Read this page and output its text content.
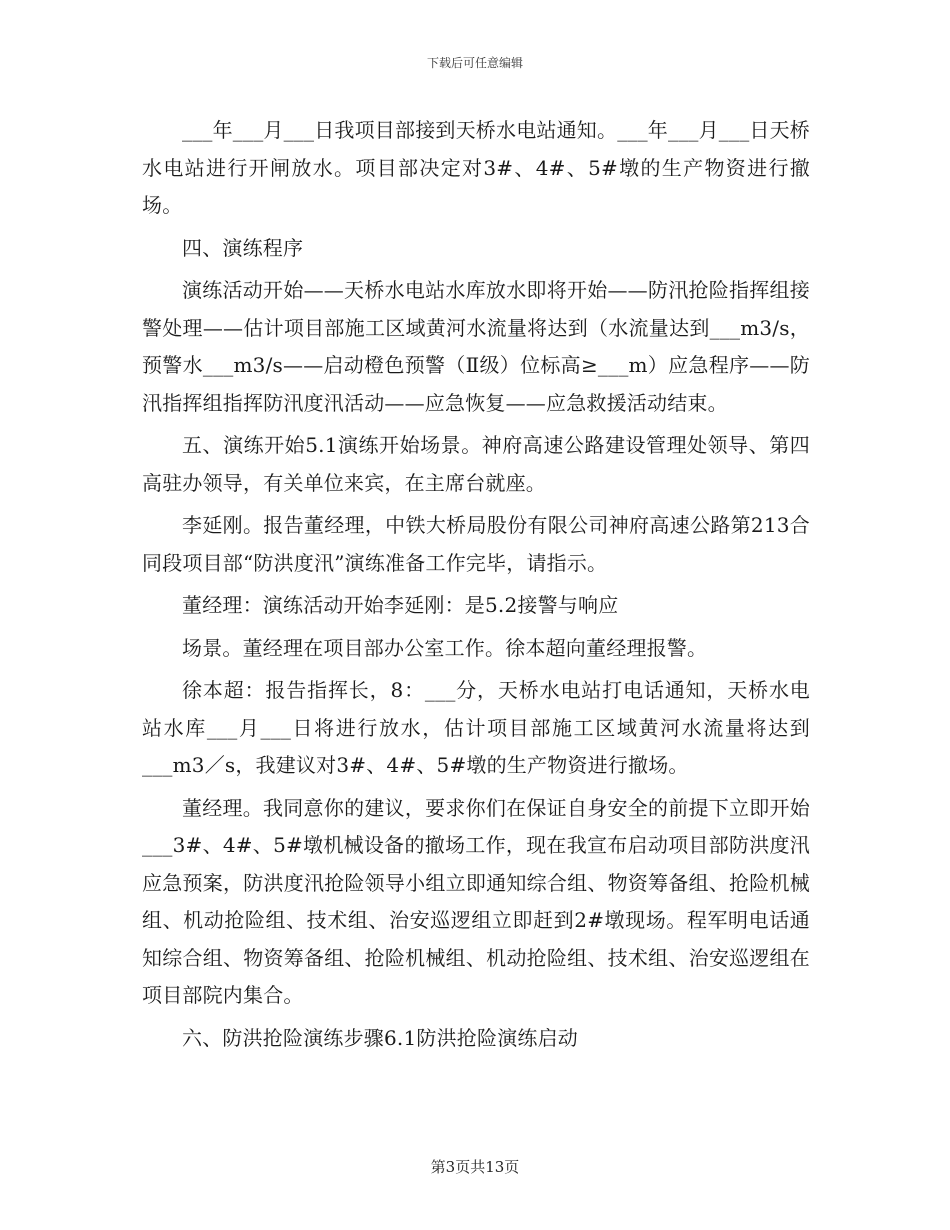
下载后可任意编辑

___年___月___日我项目部接到天桥水电站通知。___年___月___日天桥水电站进行开闸放水。项目部决定对3#、4#、5#墩的生产物资进行撤场。

四、演练程序

演练活动开始——天桥水电站水库放水即将开始——防汛抢险指挥组接警处理——估计项目部施工区域黄河水流量将达到（水流量达到___m3/s，预警水___m3/s——启动橙色预警（Ⅱ级）位标高≥___m）应急程序——防汛指挥组指挥防汛度汛活动——应急恢复——应急救援活动结束。

五、演练开始5.1演练开始场景。神府高速公路建设管理处领导、第四高驻办领导，有关单位来宾，在主席台就座。

李延刚。报告董经理，中铁大桥局股份有限公司神府高速公路第213合同段项目部“防洪度汛”演练准备工作完毕，请指示。

董经理：演练活动开始李延刚：是5.2接警与响应

场景。董经理在项目部办公室工作。徐本超向董经理报警。

徐本超：报告指挥长，8：___分，天桥水电站打电话通知，天桥水电站水库___月___日将进行放水，估计项目部施工区域黄河水流量将达到___m3／s，我建议对3#、4#、5#墩的生产物资进行撤场。

董经理。我同意你的建议，要求你们在保证自身安全的前提下立即开始___3#、4#、5#墩机械设备的撤场工作，现在我宣布启动项目部防洪度汛应急预案，防洪度汛抢险领导小组立即通知综合组、物资筹备组、抢险机械组、机动抢险组、技术组、治安巡逻组立即赶到2#墩现场。程军明电话通知综合组、物资筹备组、抢险机械组、机动抢险组、技术组、治安巡逻组在项目部院内集合。

六、防洪抢险演练步骤6.1防洪抢险演练启动

第3页共13页
